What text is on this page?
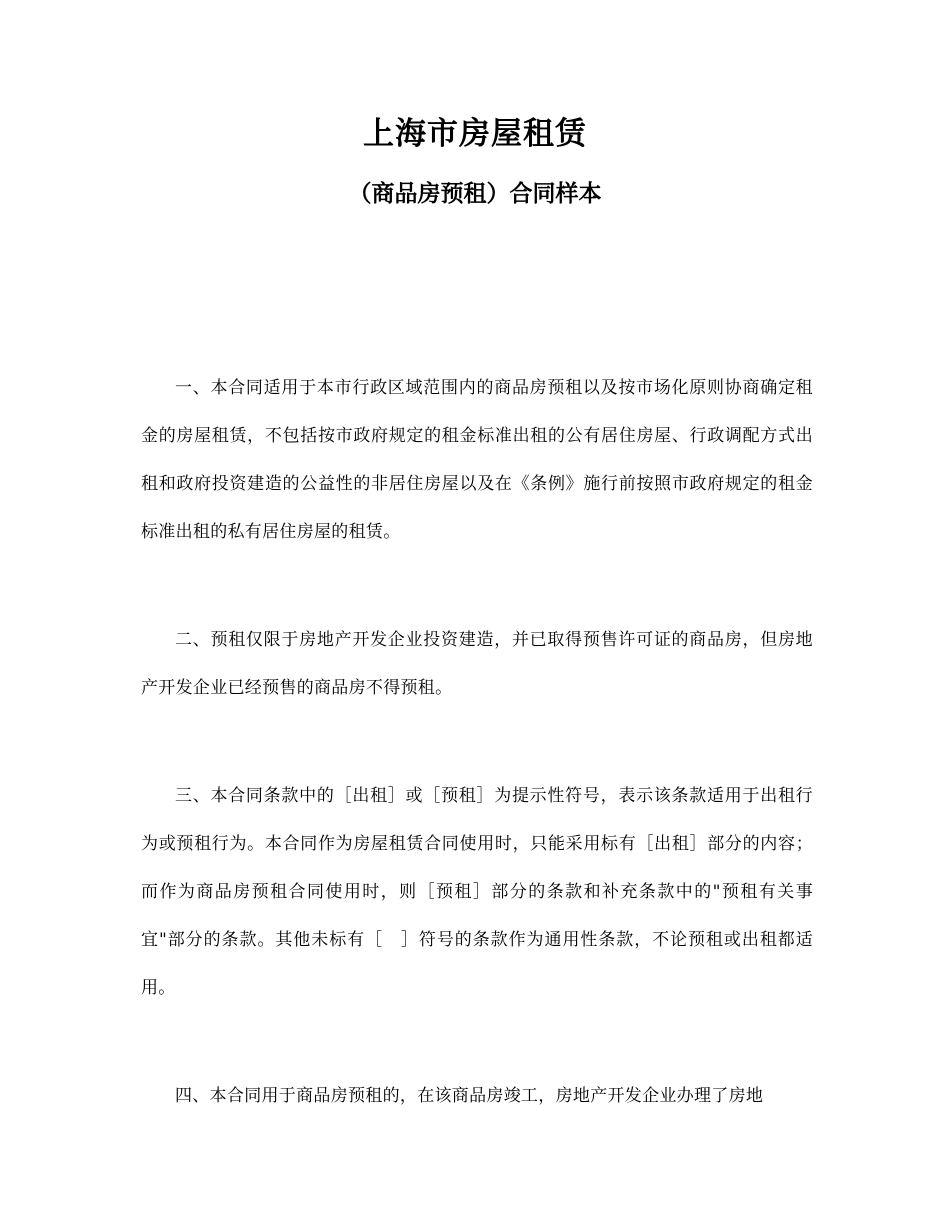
上海市房屋租赁
（商品房预租）合同样本

一、本合同适用于本市行政区域范围内的商品房预租以及按市场化原则协商确定租金的房屋租赁，不包括按市政府规定的租金标准出租的公有居住房屋、行政调配方式出租和政府投资建造的公益性的非居住房屋以及在《条例》施行前按照市政府规定的租金标准出租的私有居住房屋的租赁。

二、预租仅限于房地产开发企业投资建造，并已取得预售许可证的商品房，但房地产开发企业已经预售的商品房不得预租。

三、本合同条款中的［出租］或［预租］为提示性符号，表示该条款适用于出租行为或预租行为。本合同作为房屋租赁合同使用时，只能采用标有［出租］部分的内容；而作为商品房预租合同使用时，则［预租］部分的条款和补充条款中的"预租有关事宜"部分的条款。其他未标有［　］符号的条款作为通用性条款，不论预租或出租都适用。

四、本合同用于商品房预租的，在该商品房竣工，房地产开发企业办理了房地
